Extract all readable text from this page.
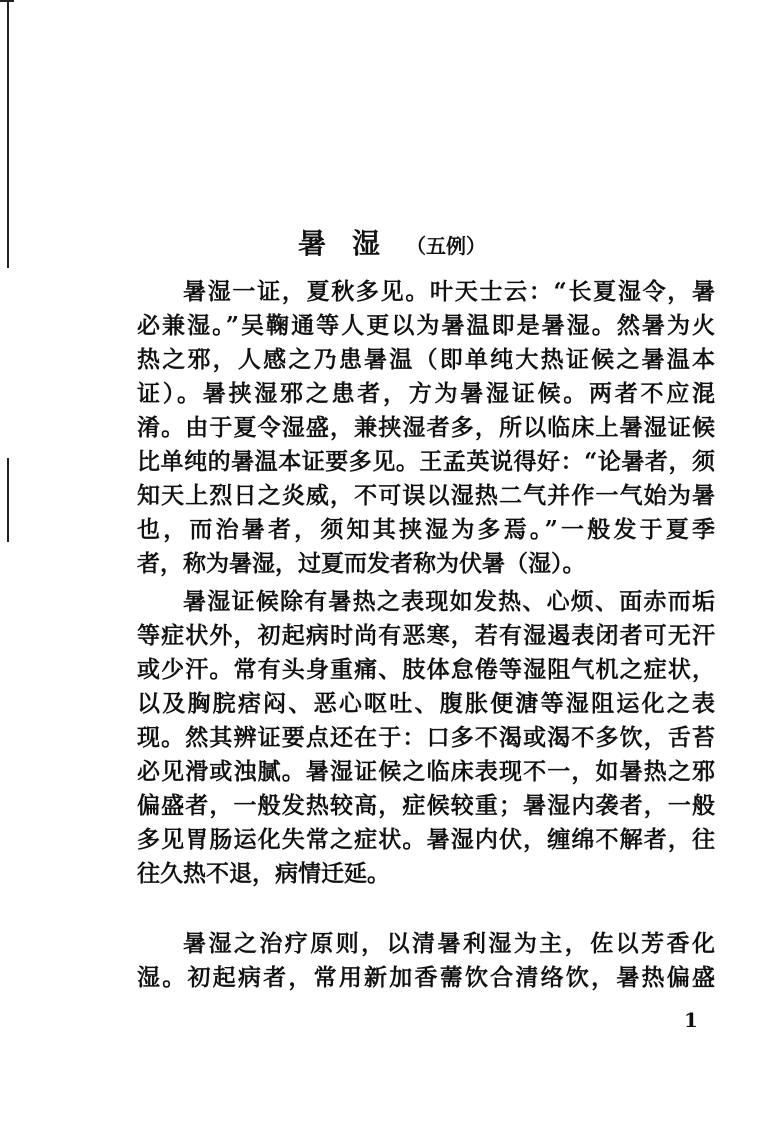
暑湿（五例）
暑湿一证，夏秋多见。叶天士云：“长夏湿令，暑
必兼湿。”吴鞠通等人更以为暑温即是暑湿。然暑为火
热之邪，人感之乃患暑温（即单纯大热证候之暑温本
证）。暑挟湿邪之患者，方为暑湿证候。两者不应混
淆。由于夏令湿盛，兼挟湿者多，所以临床上暑湿证候
比单纯的暑温本证要多见。王孟英说得好：“论暑者，须
知天上烈日之炎威，不可误以湿热二气并作一气始为暑
也，而治暑者，须知其挟湿为多焉。”一般发于夏季
者，称为暑湿，过夏而发者称为伏暑（湿）。
暑湿证候除有暑热之表现如发热、心烦、面赤而垢
等症状外，初起病时尚有恶寒，若有湿遏表闭者可无汗
或少汗。常有头身重痛、肢体怠倦等湿阻气机之症状，
以及胸脘痞闷、恶心呕吐、腹胀便溏等湿阻运化之表
现。然其辨证要点还在于：口多不渴或渴不多饮，舌苔
必见滑或浊腻。暑湿证候之临床表现不一，如暑热之邪
偏盛者，一般发热较高，症候较重；暑湿内袭者，一般
多见胃肠运化失常之症状。暑湿内伏，缠绵不解者，往
往久热不退，病情迁延。
暑湿之治疗原则，以清暑利湿为主，佐以芳香化
湿。初起病者，常用新加香薷饮合清络饮，暑热偏盛
1
